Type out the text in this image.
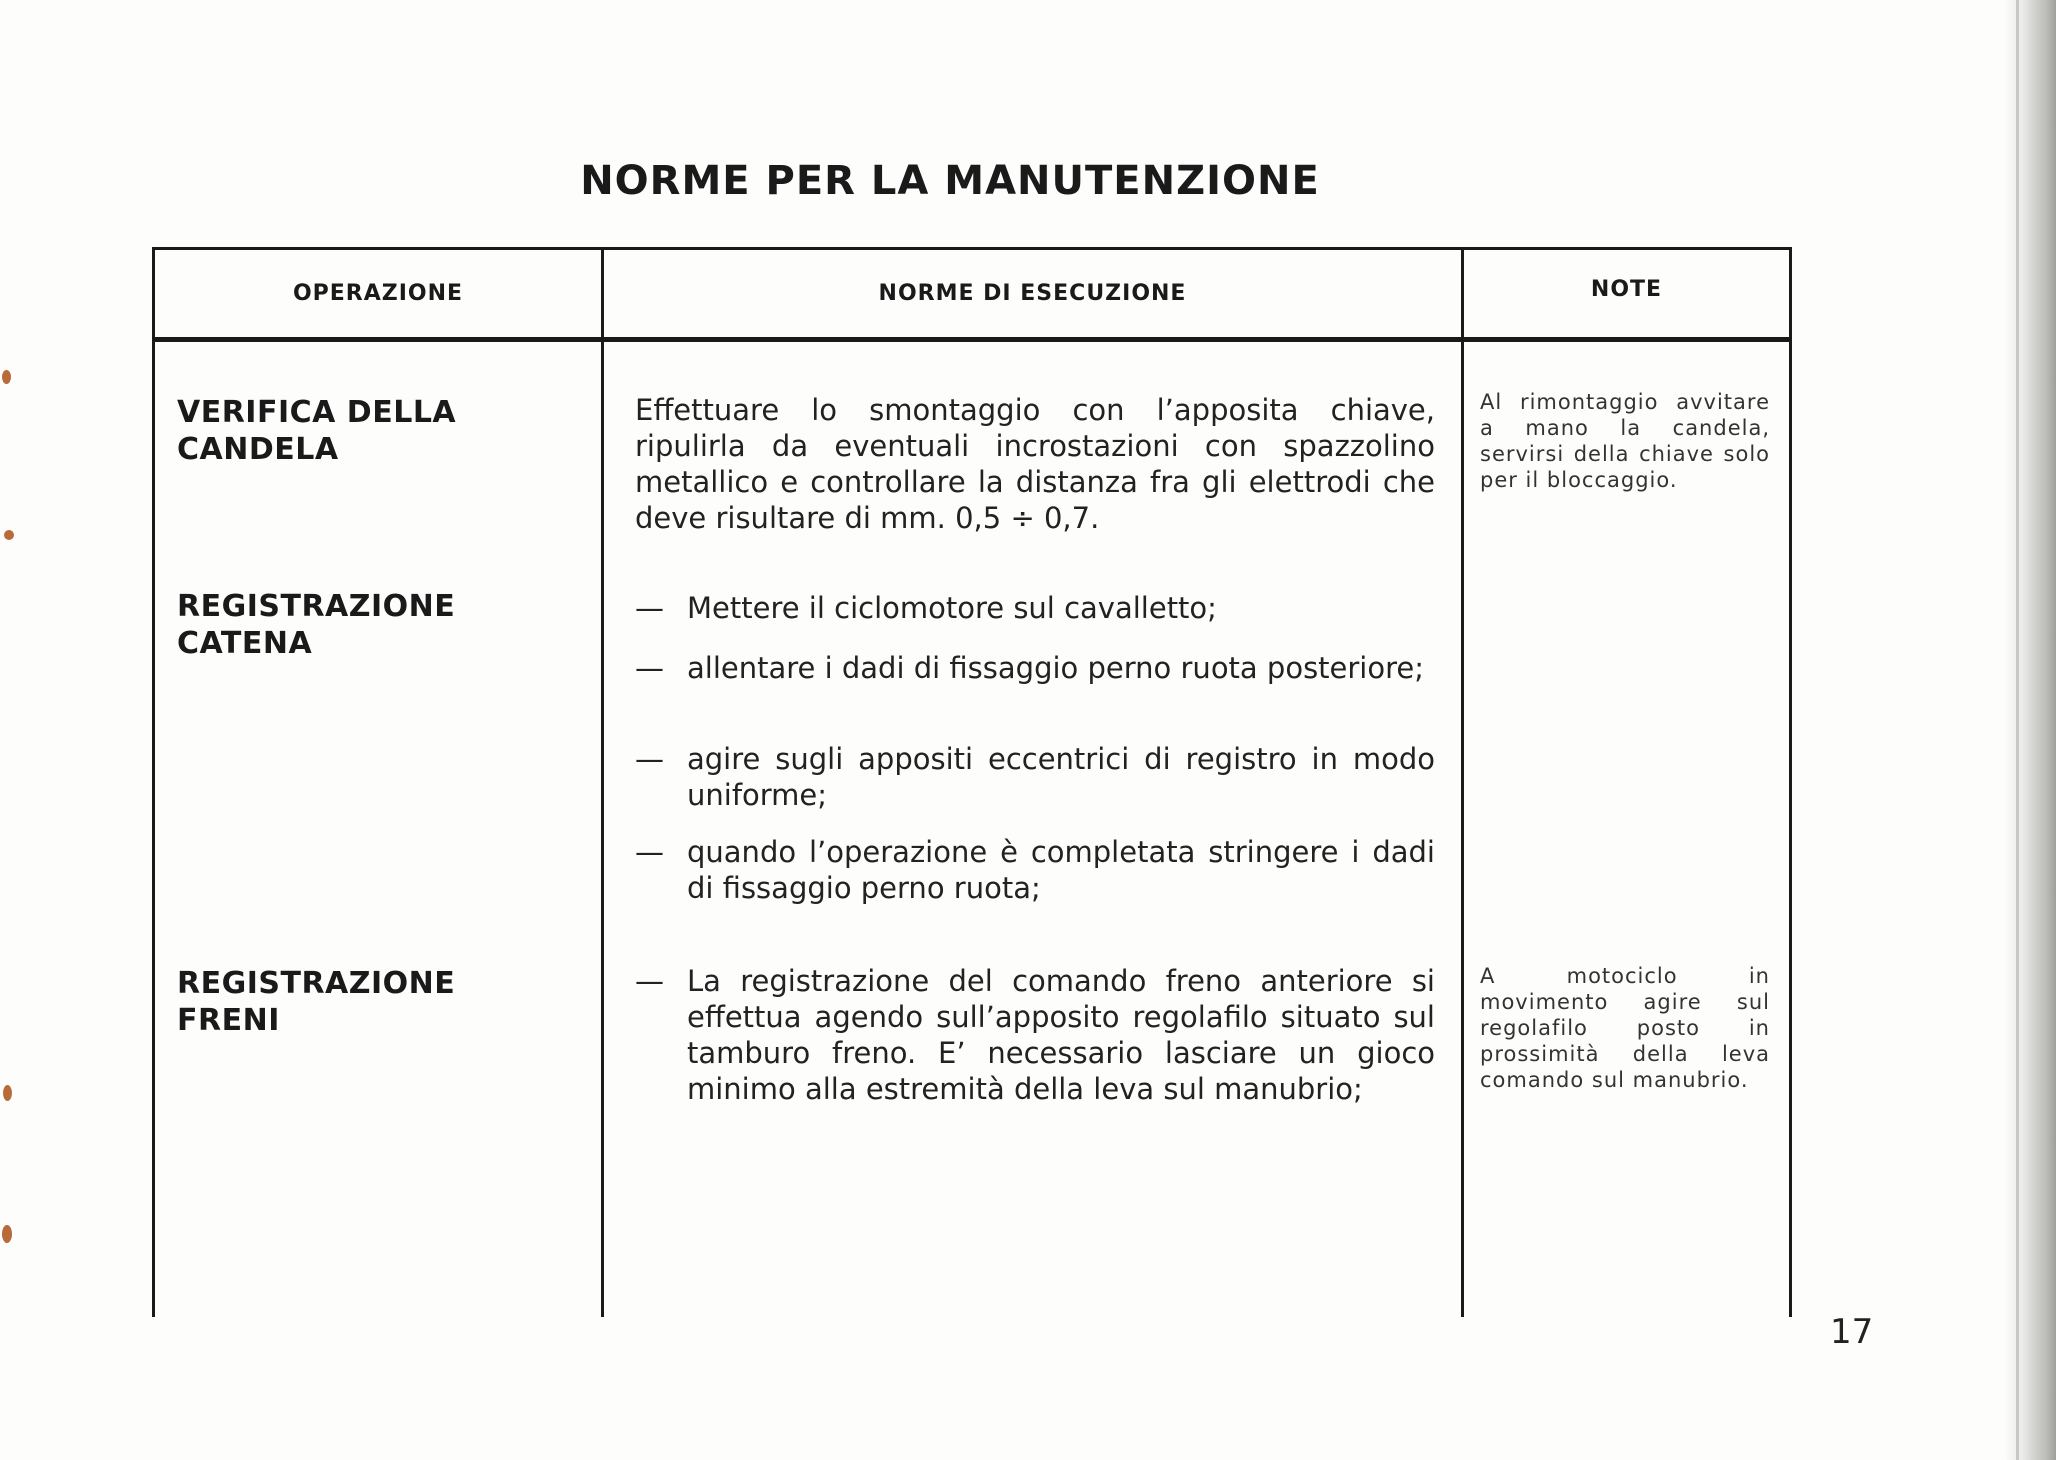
NORME PER LA MANUTENZIONE
OPERAZIONE	NORME DI ESECUZIONE	NOTE
VERIFICA DELLA
CANDELA
Effettuare lo smontaggio con l’apposita chiave, ripulirla da eventuali incrostazioni con spazzolino metallico e controllare la distanza fra gli elettrodi che deve risultare di mm. 0,5 ÷ 0,7.
Al rimontaggio avvitare a mano la candela, servirsi della chiave solo per il bloccaggio.
REGISTRAZIONE
CATENA
— Mettere il ciclomotore sul cavalletto;
— allentare i dadi di fissaggio perno ruota posteriore;
— agire sugli appositi eccentrici di registro in modo uniforme;
— quando l’operazione è completata stringere i dadi di fissaggio perno ruota;
REGISTRAZIONE
FRENI
— La registrazione del comando freno anteriore si effettua agendo sull’apposito regolafilo situato sul tamburo freno. E’ necessario lasciare un gioco minimo alla estremità della leva sul manubrio;
A motociclo in movimento agire sul regolafilo posto in prossimità della leva comando sul manubrio.
17
